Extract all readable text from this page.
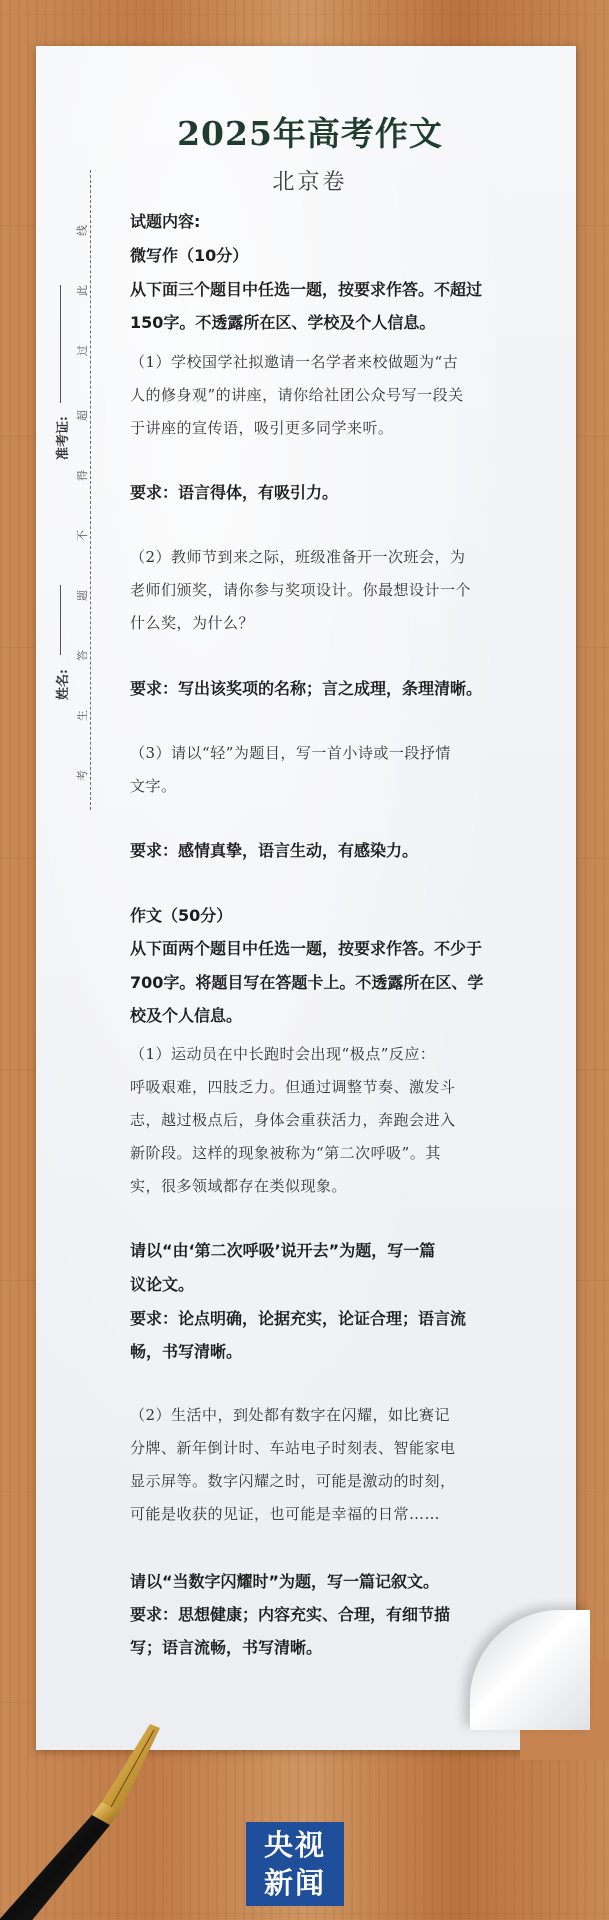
2025年高考作文
北京卷
线
此
过
超
得
不
题
答
生
考
准考证:
姓名:
试题内容:
微写作（10分）
从下面三个题目中任选一题，按要求作答。不超过
150字。不透露所在区、学校及个人信息。
（1）学校国学社拟邀请一名学者来校做题为“古
人的修身观”的讲座，请你给社团公众号写一段关
于讲座的宣传语，吸引更多同学来听。
要求：语言得体，有吸引力。
（2）教师节到来之际，班级准备开一次班会，为
老师们颁奖，请你参与奖项设计。你最想设计一个
什么奖，为什么？
要求：写出该奖项的名称；言之成理，条理清晰。
（3）请以“轻”为题目，写一首小诗或一段抒情
文字。
要求：感情真挚，语言生动，有感染力。
作文（50分）
从下面两个题目中任选一题，按要求作答。不少于
700字。将题目写在答题卡上。不透露所在区、学
校及个人信息。
（1）运动员在中长跑时会出现“极点”反应：
呼吸艰难，四肢乏力。但通过调整节奏、激发斗
志，越过极点后，身体会重获活力，奔跑会进入
新阶段。这样的现象被称为“第二次呼吸”。其
实，很多领域都存在类似现象。
请以“由‘第二次呼吸’说开去”为题，写一篇
议论文。
要求：论点明确，论据充实，论证合理；语言流
畅，书写清晰。
（2）生活中，到处都有数字在闪耀，如比赛记
分牌、新年倒计时、车站电子时刻表、智能家电
显示屏等。数字闪耀之时，可能是激动的时刻，
可能是收获的见证，也可能是幸福的日常……
请以“当数字闪耀时”为题，写一篇记叙文。
要求：思想健康；内容充实、合理，有细节描
写；语言流畅，书写清晰。
央视
新闻
